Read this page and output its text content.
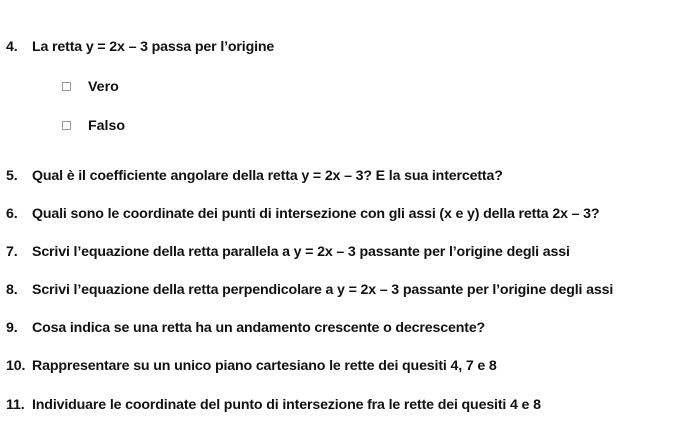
4. La retta y = 2x – 3 passa per l’origine
Vero
Falso
5. Qual è il coefficiente angolare della retta y = 2x – 3? E la sua intercetta?
6. Quali sono le coordinate dei punti di intersezione con gli assi (x e y) della retta 2x – 3?
7. Scrivi l’equazione della retta parallela a y = 2x – 3 passante per l’origine degli assi
8. Scrivi l’equazione della retta perpendicolare a y = 2x – 3 passante per l’origine degli assi
9. Cosa indica se una retta ha un andamento crescente o decrescente?
10. Rappresentare su un unico piano cartesiano le rette dei quesiti 4, 7 e 8
11. Individuare le coordinate del punto di intersezione fra le rette dei quesiti 4 e 8
